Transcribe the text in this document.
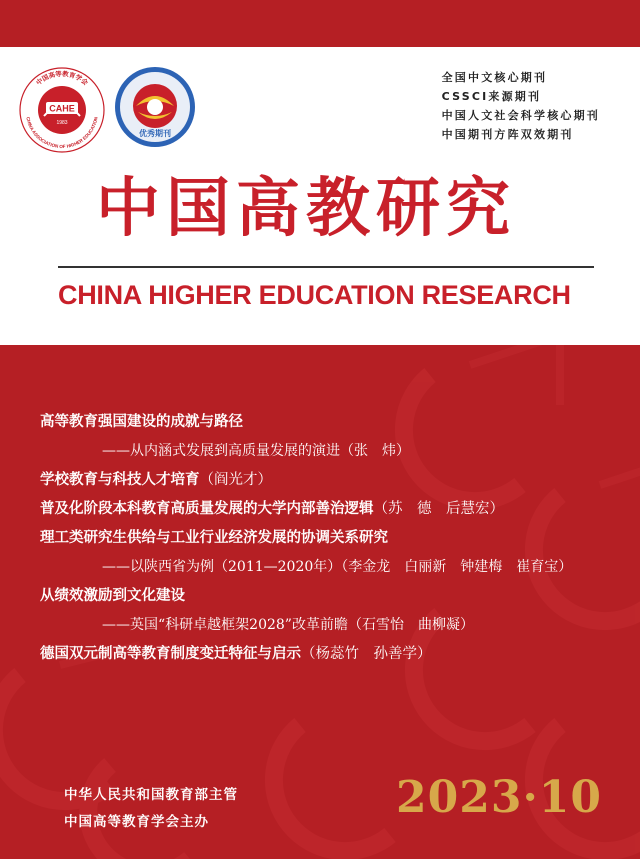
中国高等教育学会
CHINA ASSOCIATION OF HIGHER EDUCATION
CAHE
1983
优秀期刊
全国中文核心期刊
CSSCI来源期刊
中国人文社会科学核心期刊
中国期刊方阵双效期刊
中国高教研究
CHINA HIGHER EDUCATION RESEARCH
高等教育强国建设的成就与路径
——从内涵式发展到高质量发展的演进（张　炜）
学校教育与科技人才培育（阎光才）
普及化阶段本科教育高质量发展的大学内部善治逻辑（苏　德　后慧宏）
理工类研究生供给与工业行业经济发展的协调关系研究
——以陕西省为例（2011—2020年）（李金龙　白丽新　钟建梅　崔育宝）
从绩效激励到文化建设
——英国“科研卓越框架2028”改革前瞻（石雪怡　曲柳凝）
德国双元制高等教育制度变迁特征与启示（杨蕊竹　孙善学）
中华人民共和国教育部主管
中国高等教育学会主办	2023·10
